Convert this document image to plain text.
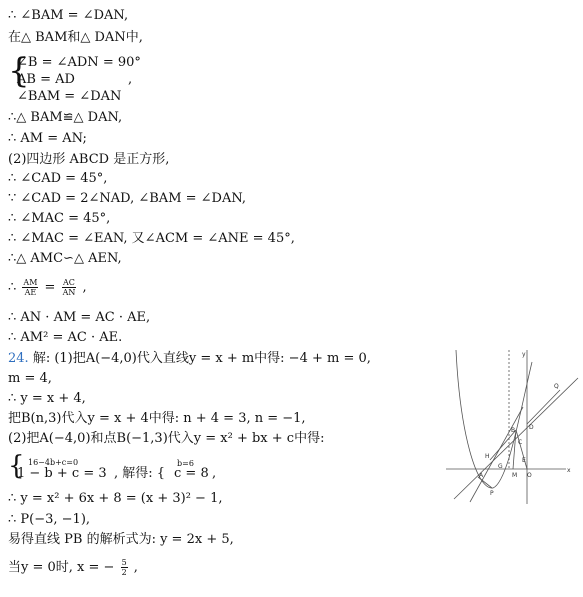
∴ ∠BAM = ∠DAN,
在△ BAM和△ DAN中,
{
∠B = ∠ADN = 90°
AB = AD	,
∠BAM = ∠DAN
∴△ BAM≌△ DAN,
∴ AM = AN;
(2)四边形 ABCD 是正方形,
∴ ∠CAD = 45°,
∵ ∠CAD = 2∠NAD, ∠BAM = ∠DAN,
∴ ∠MAC = 45°,
∴ ∠MAC = ∠EAN, 又∠ACM = ∠ANE = 45°,
∴△ AMC∽△ AEN,
∴ $\frac{AM}{AE} = \frac{AC}{AN}$ ,
∴ AN · AM = AC · AE,
∴ AM² = AC · AE.
24. 解: (1)把A(−4,0)代入直线y = x + m中得: −4 + m = 0,
m = 4,
∴ y = x + 4,
把B(n,3)代入y = x + 4中得: n + 4 = 3, n = −1,
(2)把A(−4,0)和点B(−1,3)代入y = x² + bx + c中得:
{ 16−4b+c=0
1 − b + c = 3 , 解得: {
b=6
c = 8 ,
∴ y = x² + 6x + 8 = (x + 3)² − 1,
∴ P(−3, −1),
易得直线 PB 的解析式为: y = 2x + 5,
当y = 0时, x = − $\frac{5}{2}$ ,
x
y
A
B
C
D
E
G
H
M O
P
Q
